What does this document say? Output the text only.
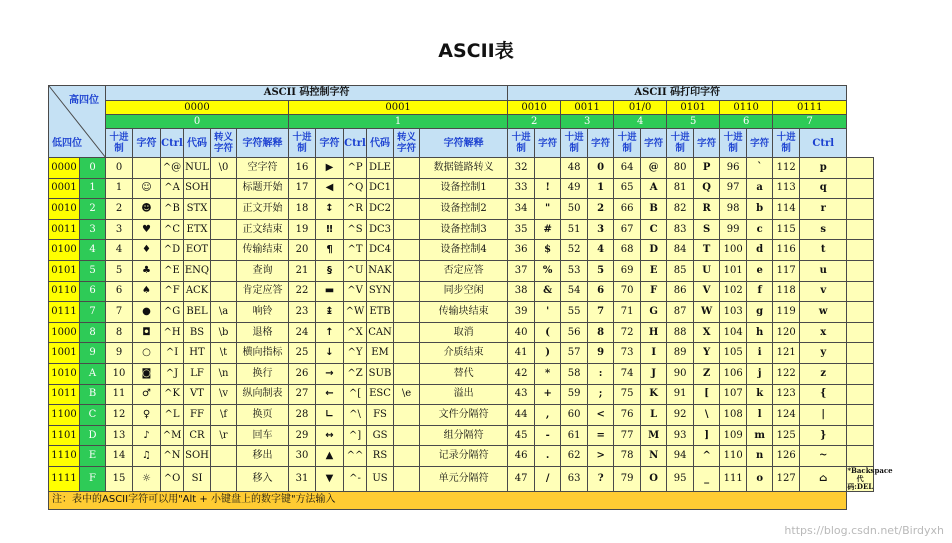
ASCII表
高四位
低四位		ASCII 码控制字符												ASCII 码打印字符												
		0000						0001						0010		0011		01/0		0101		0110		0111		
		0						1						2		3		4		5		6		7		
		十进制	字符	Ctrl	代码	转义字符	字符解释	十进制	字符	Ctrl	代码	转义字符	字符解释	十进制	字符	十进制	字符	十进制	字符	十进制	字符	十进制	字符	十进制	Ctrl	
0000	0	0		^@	NUL	\0	空字符	16	▶	^P	DLE		数据链路转义	32		48	0	64	@	80	P	96	`	112	p	
0001	1	1	☺	^A	SOH		标题开始	17	◀	^Q	DC1		设备控制1	33	!	49	1	65	A	81	Q	97	a	113	q	
0010	2	2	☻	^B	STX		正文开始	18	↕	^R	DC2		设备控制2	34	"	50	2	66	B	82	R	98	b	114	r	
0011	3	3	♥	^C	ETX		正文结束	19	‼	^S	DC3		设备控制3	35	#	51	3	67	C	83	S	99	c	115	s	
0100	4	4	♦	^D	EOT		传输结束	20	¶	^T	DC4		设备控制4	36	$	52	4	68	D	84	T	100	d	116	t	
0101	5	5	♣	^E	ENQ		查询	21	§	^U	NAK		否定应答	37	%	53	5	69	E	85	U	101	e	117	u	
0110	6	6	♠	^F	ACK		肯定应答	22	▬	^V	SYN		同步空闲	38	&	54	6	70	F	86	V	102	f	118	v	
0111	7	7	●	^G	BEL	\a	响铃	23	↨	^W	ETB		传输块结束	39	'	55	7	71	G	87	W	103	g	119	w	
1000	8	8	◘	^H	BS	\b	退格	24	↑	^X	CAN		取消	40	(	56	8	72	H	88	X	104	h	120	x	
1001	9	9	○	^I	HT	\t	横向指标	25	↓	^Y	EM		介质结束	41	)	57	9	73	I	89	Y	105	i	121	y	
1010	A	10	◙	^J	LF	\n	换行	26	→	^Z	SUB		替代	42	*	58	:	74	J	90	Z	106	j	122	z	
1011	B	11	♂	^K	VT	\v	纵向制表	27	←	^[	ESC	\e	溢出	43	+	59	;	75	K	91	[	107	k	123	{	
1100	C	12	♀	^L	FF	\f	换页	28	∟	^\	FS		文件分隔符	44	,	60	<	76	L	92	\	108	l	124	|	
1101	D	13	♪	^M	CR	\r	回车	29	↔	^]	GS		组分隔符	45	-	61	=	77	M	93	]	109	m	125	}	
1110	E	14	♫	^N	SOH		移出	30	▲	^^	RS		记录分隔符	46	.	62	>	78	N	94	^	110	n	126	~	
1111	F	15	☼	^O	SI		移入	31	▼	^-	US		单元分隔符	47	/	63	?	79	O	95	_	111	o	127	⌂	*Backspace 代码:DEL
注：表中的ASCII字符可以用"Alt + 小键盘上的数字键"方法输入																										
https://blog.csdn.net/Birdyxh
